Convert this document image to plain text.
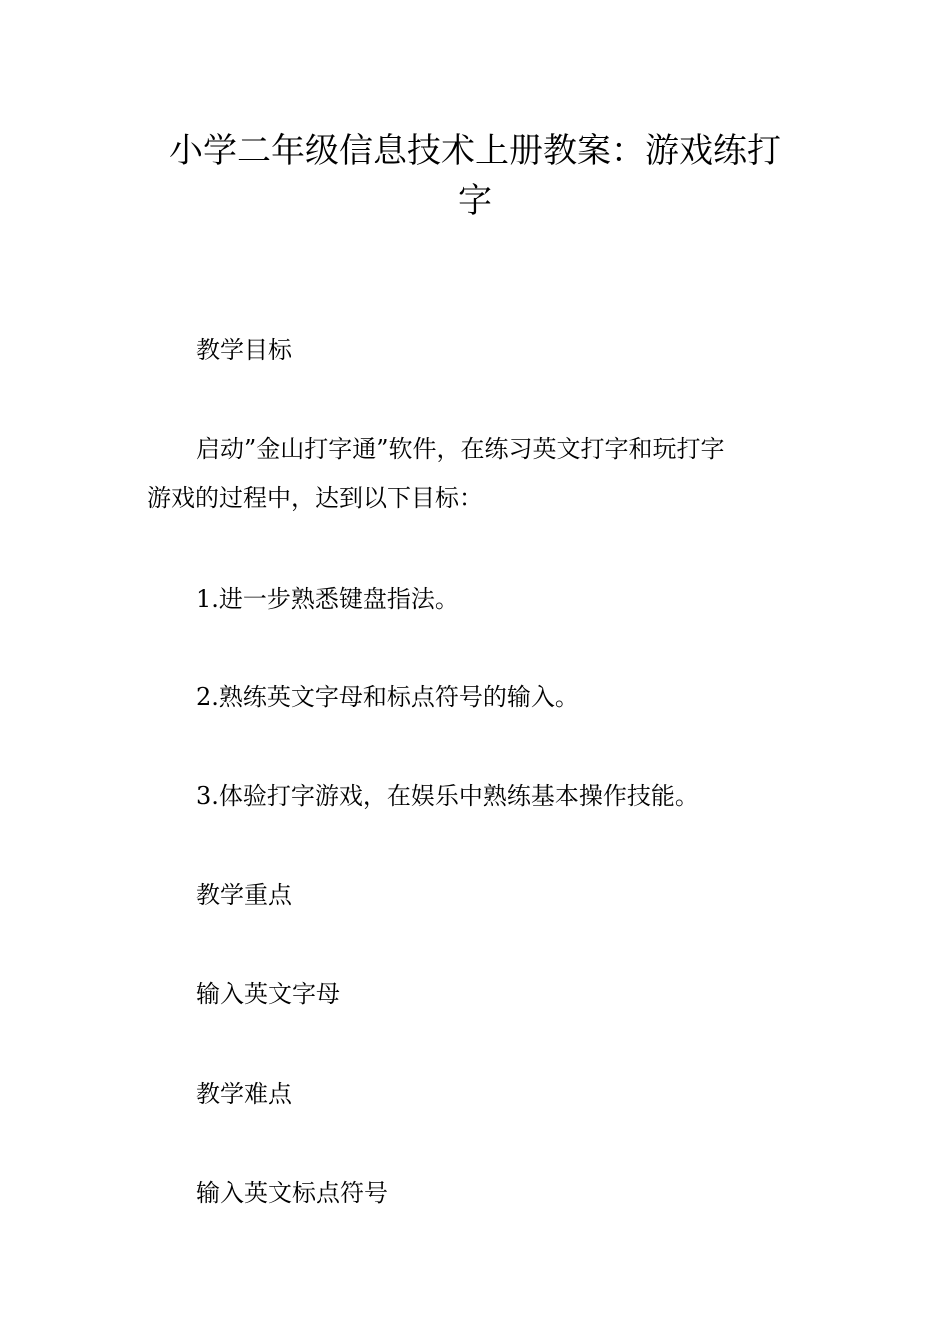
小学二年级信息技术上册教案：游戏练打
字
教学目标
启动”金山打字通”软件，在练习英文打字和玩打字
游戏的过程中，达到以下目标：
1.进一步熟悉键盘指法。
2.熟练英文字母和标点符号的输入。
3.体验打字游戏，在娱乐中熟练基本操作技能。
教学重点
输入英文字母
教学难点
输入英文标点符号
